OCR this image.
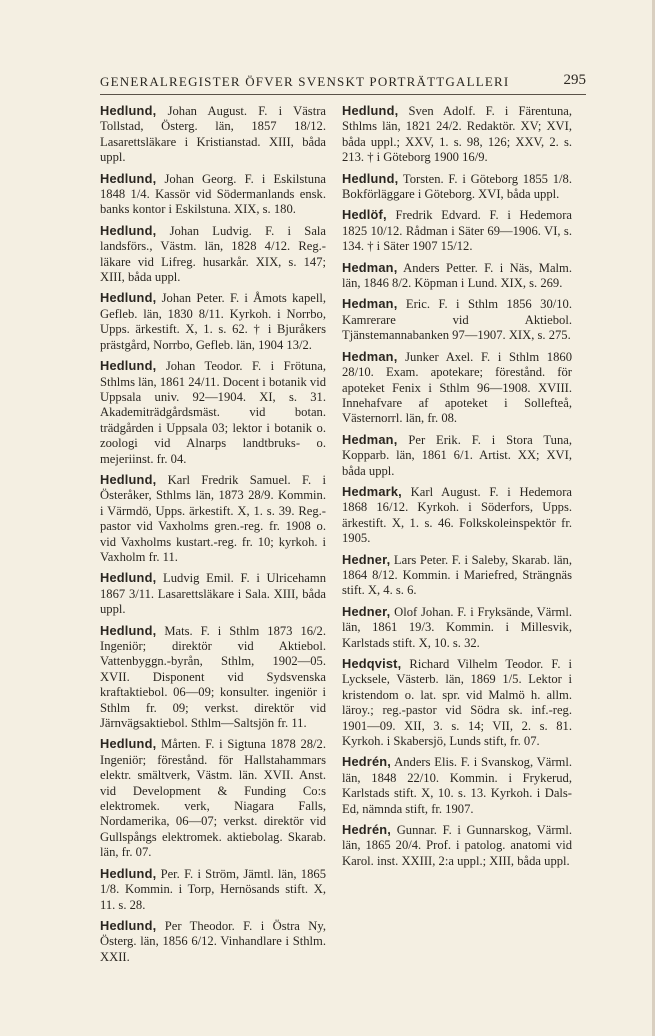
GENERALREGISTER ÖFVER SVENSKT PORTRÄTTGALLERI	295

Hedlund, Johan August. F. i Västra Tollstad, Österg. län, 1857 18/12. Lasarettsläkare i Kristianstad. XIII, båda uppl.

Hedlund, Johan Georg. F. i Eskilstuna 1848 1/4. Kassör vid Södermanlands ensk. banks kontor i Eskilstuna. XIX, s. 180.

Hedlund, Johan Ludvig. F. i Sala landsförs., Västm. län, 1828 4/12. Reg.-läkare vid Lifreg. husarkår. XIX, s. 147; XIII, båda uppl.

Hedlund, Johan Peter. F. i Åmots kapell, Gefleb. län, 1830 8/11. Kyrkoh. i Norrbo, Upps. ärkestift. X, 1. s. 62. † i Bjuråkers prästgård, Norrbo, Gefleb. län, 1904 13/2.

Hedlund, Johan Teodor. F. i Frötuna, Sthlms län, 1861 24/11. Docent i botanik vid Uppsala univ. 92—1904. XI, s. 31. Akademiträdgårdsmäst. vid botan. trädgården i Uppsala 03; lektor i botanik o. zoologi vid Alnarps landtbruks- o. mejeriinst. fr. 04.

Hedlund, Karl Fredrik Samuel. F. i Österåker, Sthlms län, 1873 28/9. Kommin. i Värmdö, Upps. ärkestift. X, 1. s. 39. Reg.-pastor vid Vaxholms gren.-reg. fr. 1908 o. vid Vaxholms kustart.-reg. fr. 10; kyrkoh. i Vaxholm fr. 11.

Hedlund, Ludvig Emil. F. i Ulricehamn 1867 3/11. Lasarettsläkare i Sala. XIII, båda uppl.

Hedlund, Mats. F. i Sthlm 1873 16/2. Ingeniör; direktör vid Aktiebol. Vattenbyggn.-byrån, Sthlm, 1902—05. XVII. Disponent vid Sydsvenska kraftaktiebol. 06—09; konsulter. ingeniör i Sthlm fr. 09; verkst. direktör vid Järnvägsaktiebol. Sthlm—Saltsjön fr. 11.

Hedlund, Mårten. F. i Sigtuna 1878 28/2. Ingeniör; förestånd. för Hallstahammars elektr. smältverk, Västm. län. XVII. Anst. vid Development & Funding Co:s elektromek. verk, Niagara Falls, Nordamerika, 06—07; verkst. direktör vid Gullspångs elektromek. aktiebolag. Skarab. län, fr. 07.

Hedlund, Per. F. i Ström, Jämtl. län, 1865 1/8. Kommin. i Torp, Hernösands stift. X, 11. s. 28.

Hedlund, Per Theodor. F. i Östra Ny, Österg. län, 1856 6/12. Vinhandlare i Sthlm. XXII.

Hedlund, Sven Adolf. F. i Färentuna, Sthlms län, 1821 24/2. Redaktör. XV; XVI, båda uppl.; XXV, 1. s. 98, 126; XXV, 2. s. 213. † i Göteborg 1900 16/9.

Hedlund, Torsten. F. i Göteborg 1855 1/8. Bokförläggare i Göteborg. XVI, båda uppl.

Hedlöf, Fredrik Edvard. F. i Hedemora 1825 10/12. Rådman i Säter 69—1906. VI, s. 134. † i Säter 1907 15/12.

Hedman, Anders Petter. F. i Näs, Malm. län, 1846 8/2. Köpman i Lund. XIX, s. 269.

Hedman, Eric. F. i Sthlm 1856 30/10. Kamrerare vid Aktiebol. Tjänstemannabanken 97—1907. XIX, s. 275.

Hedman, Junker Axel. F. i Sthlm 1860 28/10. Exam. apotekare; förestånd. för apoteket Fenix i Sthlm 96—1908. XVIII. Innehafvare af apoteket i Sollefteå, Västernorrl. län, fr. 08.

Hedman, Per Erik. F. i Stora Tuna, Kopparb. län, 1861 6/1. Artist. XX; XVI, båda uppl.

Hedmark, Karl August. F. i Hedemora 1868 16/12. Kyrkoh. i Söderfors, Upps. ärkestift. X, 1. s. 46. Folkskoleinspektör fr. 1905.

Hedner, Lars Peter. F. i Saleby, Skarab. län, 1864 8/12. Kommin. i Mariefred, Strängnäs stift. X, 4. s. 6.

Hedner, Olof Johan. F. i Fryksände, Värml. län, 1861 19/3. Kommin. i Millesvik, Karlstads stift. X, 10. s. 32.

Hedqvist, Richard Vilhelm Teodor. F. i Lycksele, Västerb. län, 1869 1/5. Lektor i kristendom o. lat. spr. vid Malmö h. allm. läroy.; reg.-pastor vid Södra sk. inf.-reg. 1901—09. XII, 3. s. 14; VII, 2. s. 81. Kyrkoh. i Skabersjö, Lunds stift, fr. 07.

Hedrén, Anders Elis. F. i Svanskog, Värml. län, 1848 22/10. Kommin. i Frykerud, Karlstads stift. X, 10. s. 13. Kyrkoh. i Dals-Ed, nämnda stift, fr. 1907.

Hedrén, Gunnar. F. i Gunnarskog, Värml. län, 1865 20/4. Prof. i patolog. anatomi vid Karol. inst. XXIII, 2:a uppl.; XIII, båda uppl.
